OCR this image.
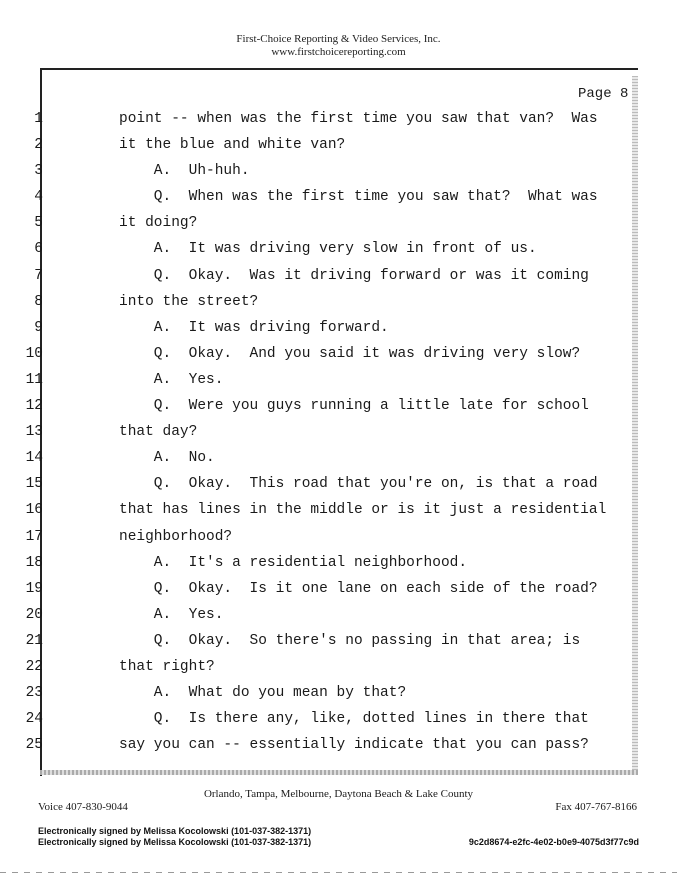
First-Choice Reporting & Video Services, Inc.
www.firstchoicereporting.com
Page 8
1	point -- when was the first time you saw that van?  Was
2	it the blue and white van?
3	A.  Uh-huh.
4	Q.  When was the first time you saw that?  What was
5	it doing?
6	A.  It was driving very slow in front of us.
7	Q.  Okay.  Was it driving forward or was it coming
8	into the street?
9	A.  It was driving forward.
10	Q.  Okay.  And you said it was driving very slow?
11	A.  Yes.
12	Q.  Were you guys running a little late for school
13	that day?
14	A.  No.
15	Q.  Okay.  This road that you're on, is that a road
16	that has lines in the middle or is it just a residential
17	neighborhood?
18	A.  It's a residential neighborhood.
19	Q.  Okay.  Is it one lane on each side of the road?
20	A.  Yes.
21	Q.  Okay.  So there's no passing in that area; is
22	that right?
23	A.  What do you mean by that?
24	Q.  Is there any, like, dotted lines in there that
25	say you can -- essentially indicate that you can pass?
Orlando, Tampa, Melbourne, Daytona Beach & Lake County
Voice 407-830-9044	Fax 407-767-8166
Electronically signed by Melissa Kocolowski (101-037-382-1371)
Electronically signed by Melissa Kocolowski (101-037-382-1371)	9c2d8674-e2fc-4e02-b0e9-4075d3f77c9d
